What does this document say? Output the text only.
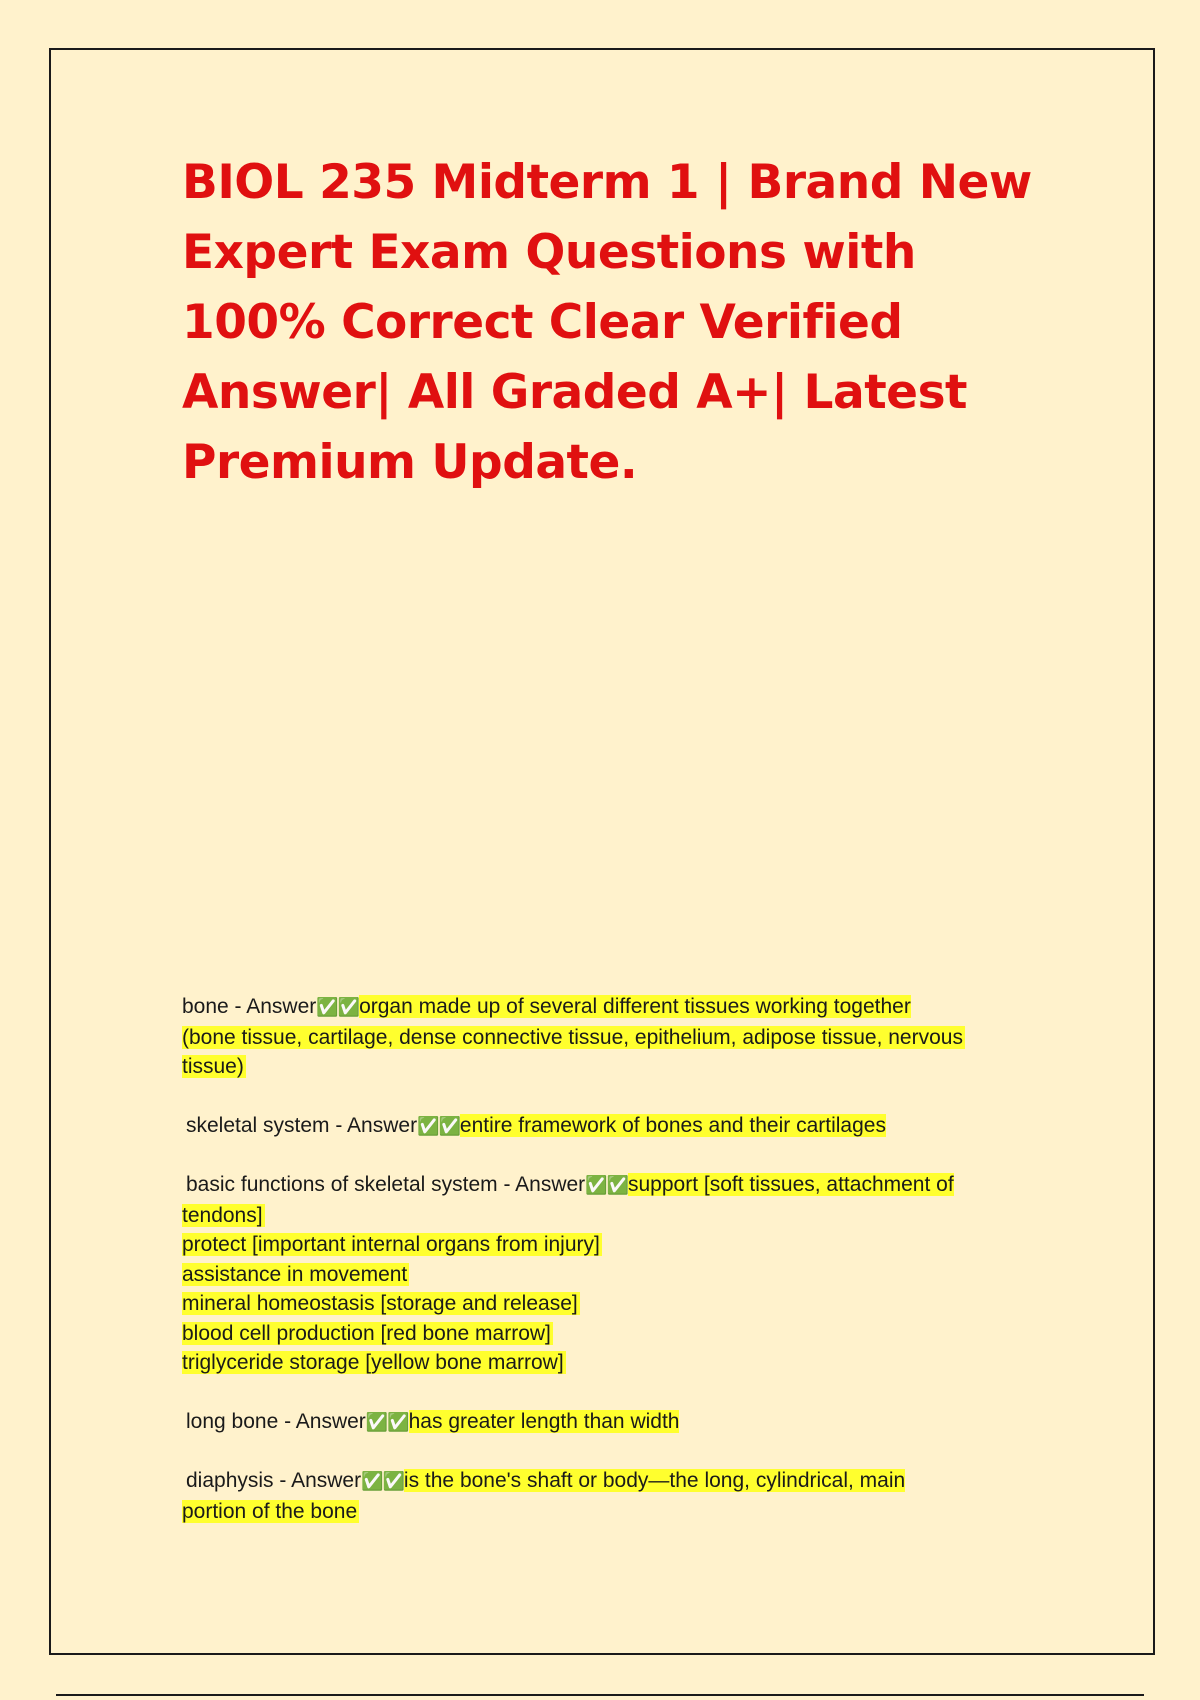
BIOL 235 Midterm 1 | Brand New Expert Exam Questions with 100% Correct Clear Verified Answer| All Graded A+| Latest Premium Update.
bone - Answer✅✅organ made up of several different tissues working together
(bone tissue, cartilage, dense connective tissue, epithelium, adipose tissue, nervous
tissue)
skeletal system - Answer✅✅entire framework of bones and their cartilages
basic functions of skeletal system - Answer✅✅support [soft tissues, attachment of
tendons]
protect [important internal organs from injury]
assistance in movement
mineral homeostasis [storage and release]
blood cell production [red bone marrow]
triglyceride storage [yellow bone marrow]
long bone - Answer✅✅has greater length than width
diaphysis - Answer✅✅is the bone's shaft or body—the long, cylindrical, main
portion of the bone
